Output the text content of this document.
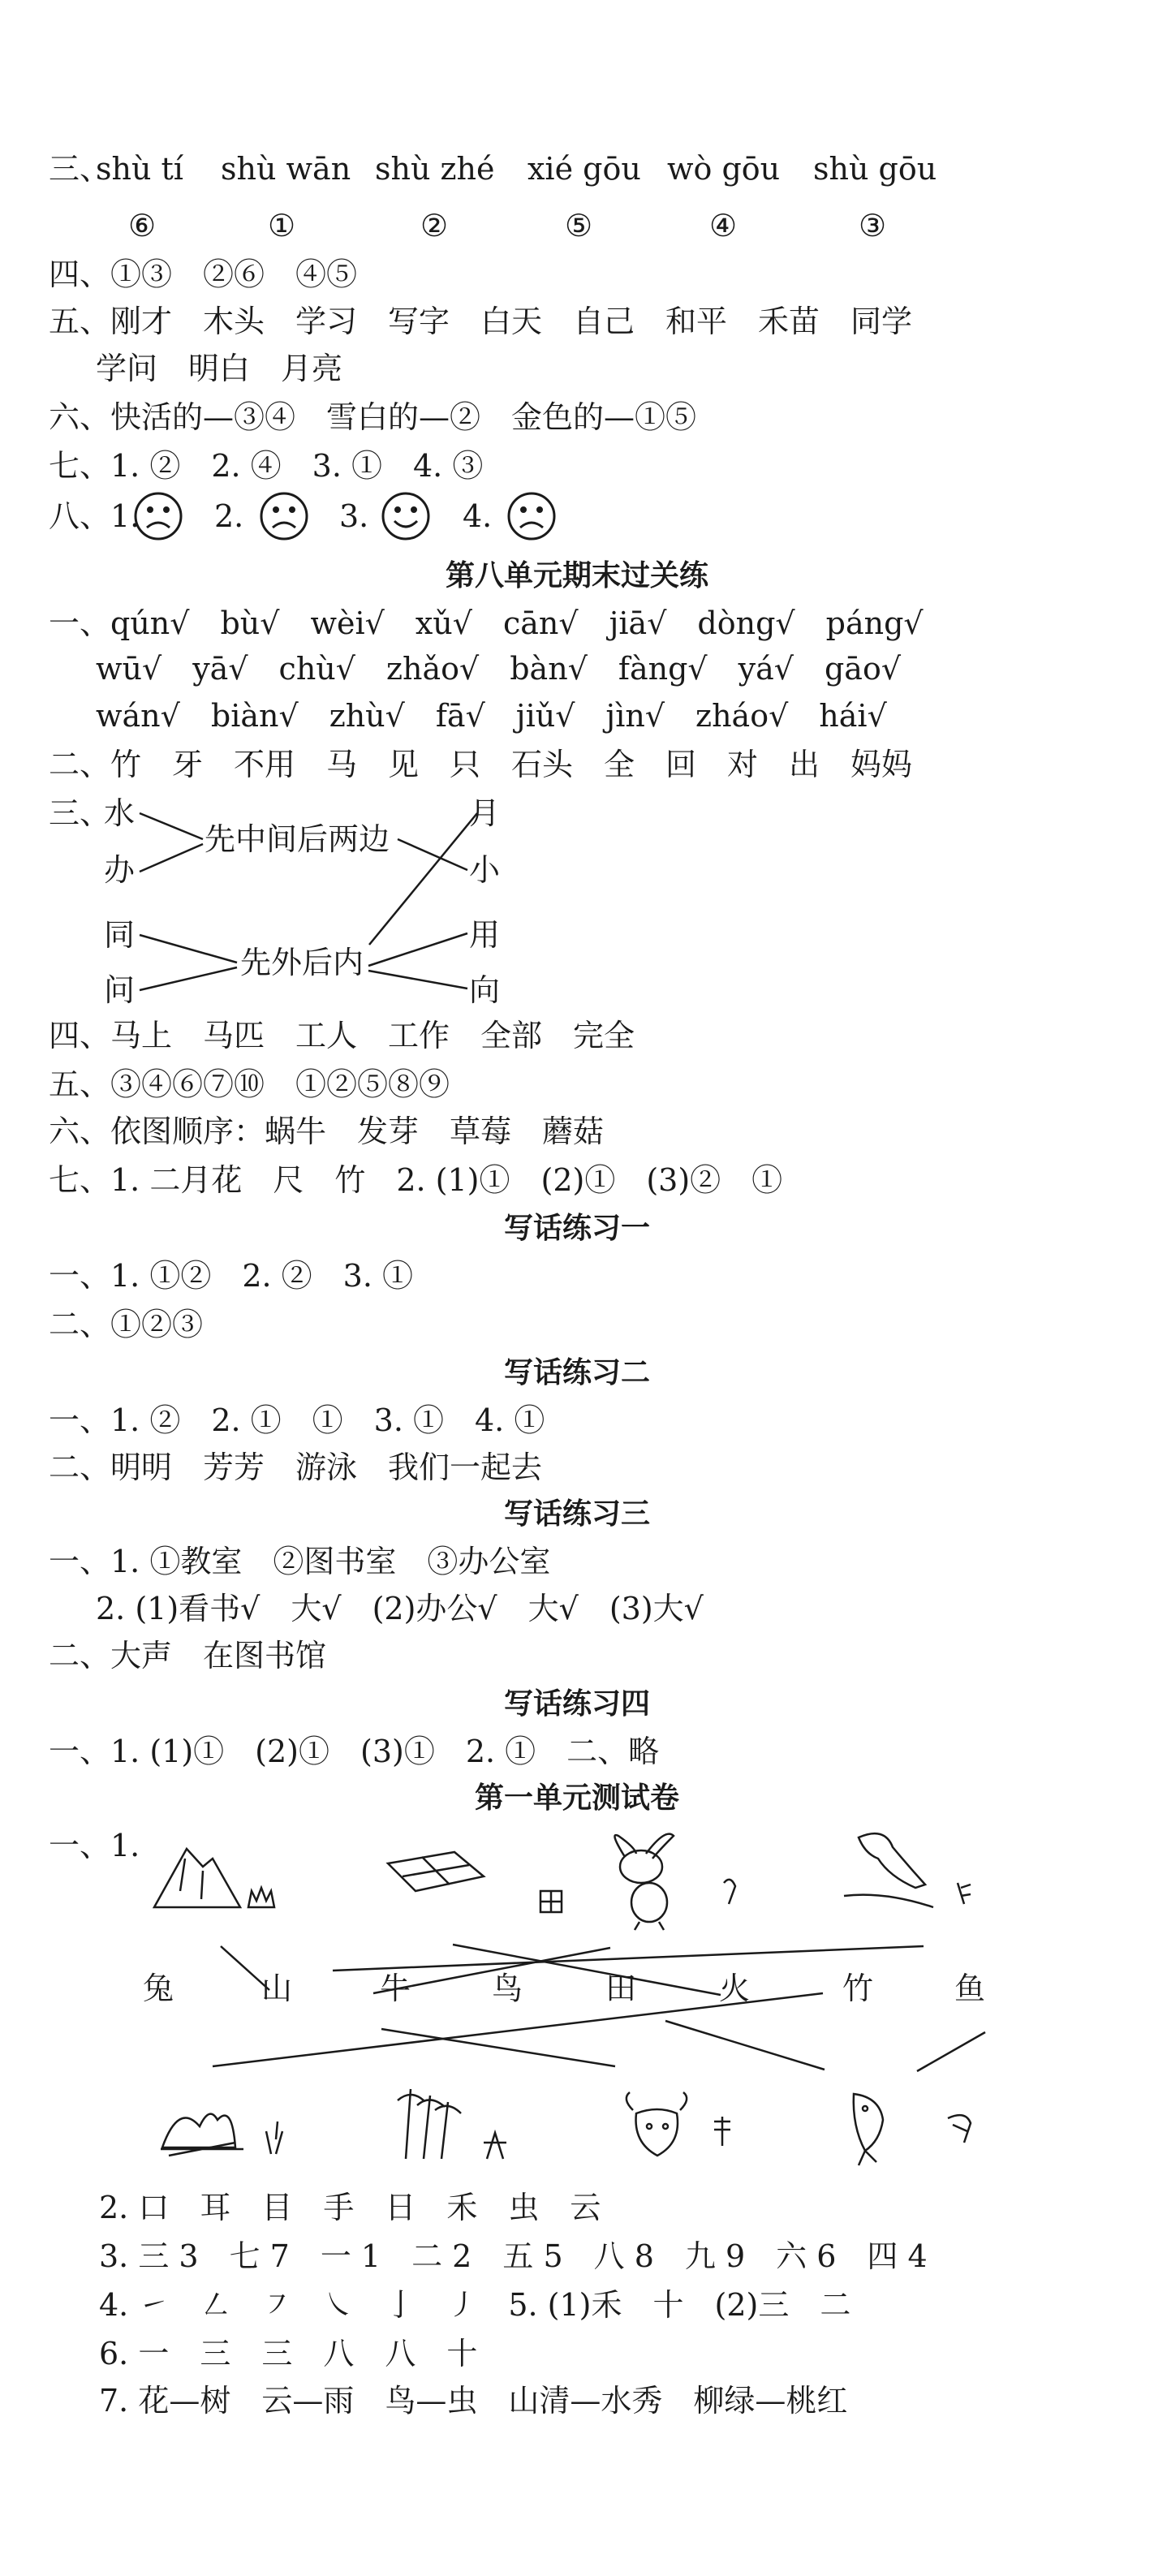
三、
shù tí shù wān shù zhé xié gōu wò gōu shù gōu
⑥	①	②	⑤	④	③
四、①③　②⑥　④⑤
五、刚才　木头　学习　写字　白天　自己　和平　禾苗　同学
学问　明白　月亮
六、快活的—③④　雪白的—②　金色的—①⑤
七、1. ②　2. ④　3. ①　4. ③
八、1. 2.	3.	4.
第八单元期末过关练
一、qún√　bù√　wèi√　xǔ√　cān√　jiā√　dòng√　páng√
wū√　yā√　chù√　zhǎo√　bàn√　fàng√　yá√　gāo√
wán√　biàn√　zhù√　fā√　jiǔ√　jìn√　zháo√　hái√
二、竹　牙　不用　马　见　只　石头　全　回　对　出　妈妈
三、
水
办
同
问
先中间后两边
先外后内
月
小
用
向
四、马上　马匹　工人　工作　全部　完全
五、③④⑥⑦⑩　①②⑤⑧⑨
六、依图顺序：蜗牛　发芽　草莓　蘑菇
七、1. 二月花　尺　竹　2. (1)①　(2)①　(3)②　①
写话练习一
一、1. ①②　2. ②　3. ①
二、①②③
写话练习二
一、1. ②　2. ①　①　3. ①　4. ①
二、明明　芳芳　游泳　我们一起去
写话练习三
一、1. ①教室　②图书室　③办公室
2. (1)看书√　大√　(2)办公√　大√　(3)大√
二、大声　在图书馆
写话练习四
一、1. (1)①　(2)①　(3)①　2. ①　二、略
第一单元测试卷
一、1.
兔	山	牛	鸟	田	火	竹	鱼
2. 口　耳　目　手　日　禾　虫　云
3. 三 3　七 7　一 1　二 2　五 5　八 8　九 9　六 6　四 4
4. ㇀　㇜　㇇　㇏　亅　㇓　5. (1)禾　十　(2)三　二
6. 一　三　三　八　八　十
7. 花—树　云—雨　鸟—虫　山清—水秀　柳绿—桃红
